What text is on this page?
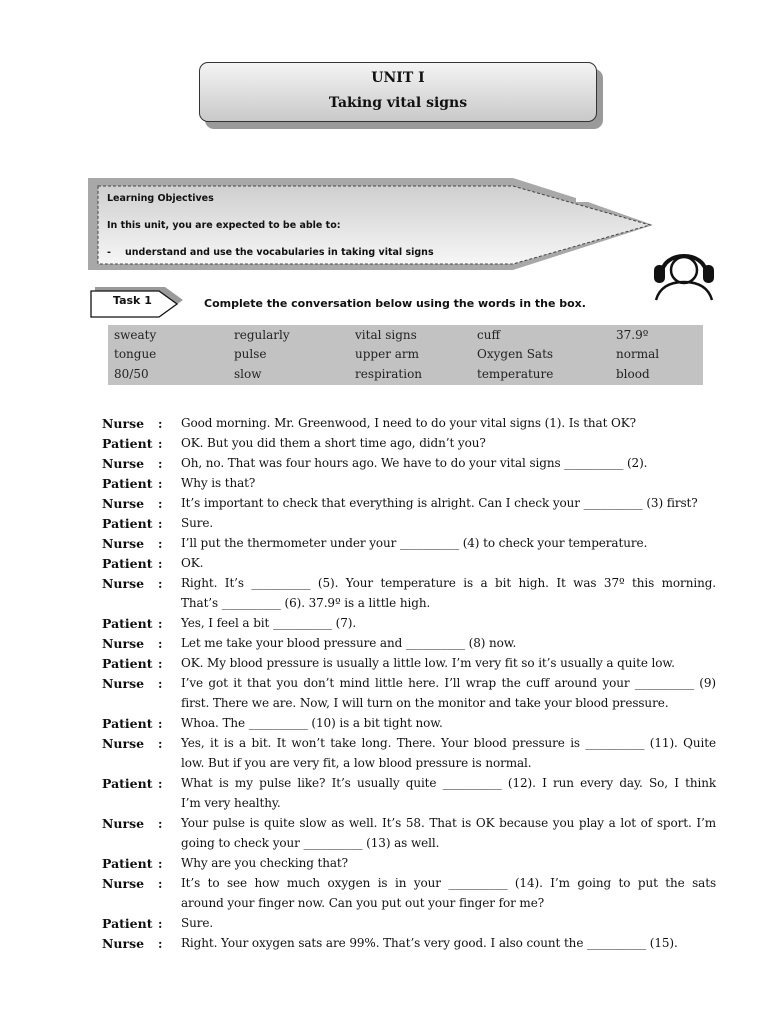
UNIT I
Taking vital signs
Learning Objectives
In this unit, you are expected to be able to:
- understand and use the vocabularies in taking vital signs
Task 1	Complete the conversation below using the words in the box.
sweaty	regularly	vital signs	cuff	37.9º
tongue	pulse	upper arm	Oxygen Sats	normal
80/50	slow	respiration	temperature	blood
Nurse : Good morning. Mr. Greenwood, I need to do your vital signs (1). Is that OK?
Patient : OK. But you did them a short time ago, didn’t you?
Nurse : Oh, no. That was four hours ago. We have to do your vital signs __________ (2).
Patient : Why is that?
Nurse : It’s important to check that everything is alright. Can I check your __________ (3) first?
Patient : Sure.
Nurse : I’ll put the thermometer under your __________ (4) to check your temperature.
Patient : OK.
Nurse : Right. It’s __________ (5). Your temperature is a bit high. It was 37º this morning.
That’s __________ (6). 37.9º is a little high.
Patient : Yes, I feel a bit __________ (7).
Nurse : Let me take your blood pressure and __________ (8) now.
Patient : OK. My blood pressure is usually a little low. I’m very fit so it’s usually a quite low.
Nurse : I’ve got it that you don’t mind little here. I’ll wrap the cuff around your __________ (9)
first. There we are. Now, I will turn on the monitor and take your blood pressure.
Patient : Whoa. The __________ (10) is a bit tight now.
Nurse : Yes, it is a bit. It won’t take long. There. Your blood pressure is __________ (11). Quite
low. But if you are very fit, a low blood pressure is normal.
Patient : What is my pulse like? It’s usually quite __________ (12). I run every day. So, I think
I’m very healthy.
Nurse : Your pulse is quite slow as well. It’s 58. That is OK because you play a lot of sport. I’m
going to check your __________ (13) as well.
Patient : Why are you checking that?
Nurse : It’s to see how much oxygen is in your __________ (14). I’m going to put the sats
around your finger now. Can you put out your finger for me?
Patient : Sure.
Nurse : Right. Your oxygen sats are 99%. That’s very good. I also count the __________ (15).
